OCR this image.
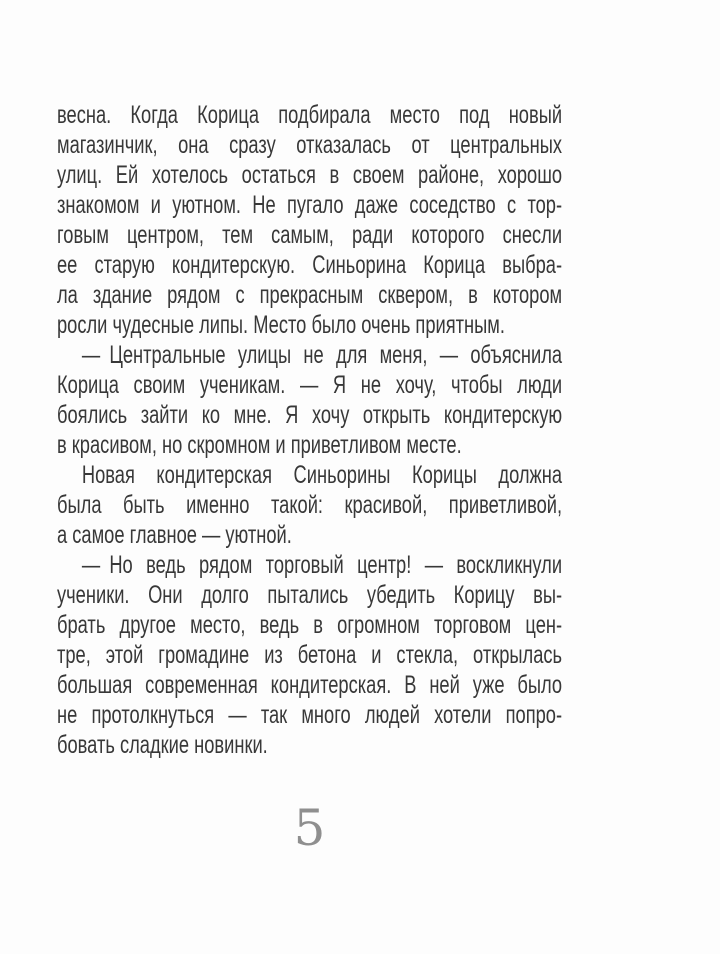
весна. Когда Корица подбирала место под новый
магазинчик, она сразу отказалась от центральных
улиц. Ей хотелось остаться в своем районе, хорошо
знакомом и уютном. Не пугало даже соседство с тор-
говым центром, тем самым, ради которого снесли
ее старую кондитерскую. Синьорина Корица выбра-
ла здание рядом с прекрасным сквером, в котором
росли чудесные липы. Место было очень приятным.
— Центральные улицы не для меня, — объяснила
Корица своим ученикам. — Я не хочу, чтобы люди
боялись зайти ко мне. Я хочу открыть кондитерскую
в красивом, но скромном и приветливом месте.
Новая кондитерская Синьорины Корицы должна
была быть именно такой: красивой, приветливой,
а самое главное — уютной.
— Но ведь рядом торговый центр! — воскликнули
ученики. Они долго пытались убедить Корицу вы-
брать другое место, ведь в огромном торговом цен-
тре, этой громадине из бетона и стекла, открылась
большая современная кондитерская. В ней уже было
не протолкнуться — так много людей хотели попро-
бовать сладкие новинки.
5
